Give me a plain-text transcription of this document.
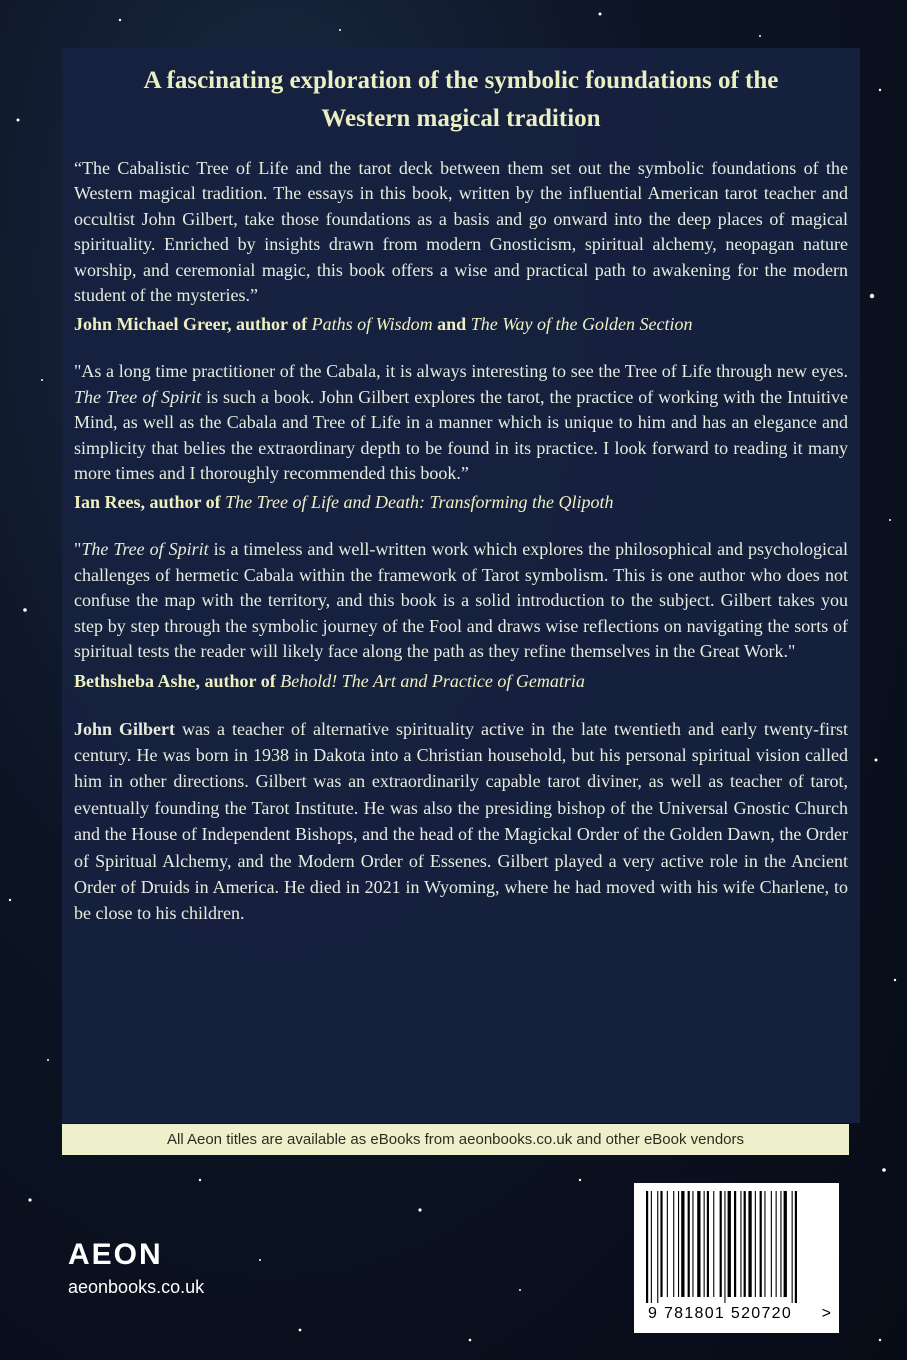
A fascinating exploration of the symbolic foundations of the
Western magical tradition

“The Cabalistic Tree of Life and the tarot deck between them set out the symbolic foundations of the Western magical tradition. The essays in this book, written by the influential American tarot teacher and occultist John Gilbert, take those foundations as a basis and go onward into the deep places of magical spirituality. Enriched by insights drawn from modern Gnosticism, spiritual alchemy, neopagan nature worship, and ceremonial magic, this book offers a wise and practical path to awakening for the modern student of the mysteries.”

John Michael Greer, author of Paths of Wisdom and The Way of the Golden Section

"As a long time practitioner of the Cabala, it is always interesting to see the Tree of Life through new eyes. The Tree of Spirit is such a book. John Gilbert explores the tarot, the practice of working with the Intuitive Mind, as well as the Cabala and Tree of Life in a manner which is unique to him and has an elegance and simplicity that belies the extraordinary depth to be found in its practice. I look forward to reading it many more times and I thoroughly recommended this book.”

Ian Rees, author of The Tree of Life and Death: Transforming the Qlipoth

"The Tree of Spirit is a timeless and well-written work which explores the philosophical and psychological challenges of hermetic Cabala within the framework of Tarot symbolism. This is one author who does not confuse the map with the territory, and this book is a solid introduction to the subject. Gilbert takes you step by step through the symbolic journey of the Fool and draws wise reflections on navigating the sorts of spiritual tests the reader will likely face along the path as they refine themselves in the Great Work."

Bethsheba Ashe, author of Behold! The Art and Practice of Gematria

John Gilbert was a teacher of alternative spirituality active in the late twentieth and early twenty-first century. He was born in 1938 in Dakota into a Christian household, but his personal spiritual vision called him in other directions. Gilbert was an extraordinarily capable tarot diviner, as well as teacher of tarot, eventually founding the Tarot Institute. He was also the presiding bishop of the Universal Gnostic Church and the House of Independent Bishops, and the head of the Magickal Order of the Golden Dawn, the Order of Spiritual Alchemy, and the Modern Order of Essenes. Gilbert played a very active role in the Ancient Order of Druids in America. He died in 2021 in Wyoming, where he had moved with his wife Charlene, to be close to his children.

All Aeon titles are available as eBooks from aeonbooks.co.uk and other eBook vendors
AEON
aeonbooks.co.uk
9 781801 520720	>
